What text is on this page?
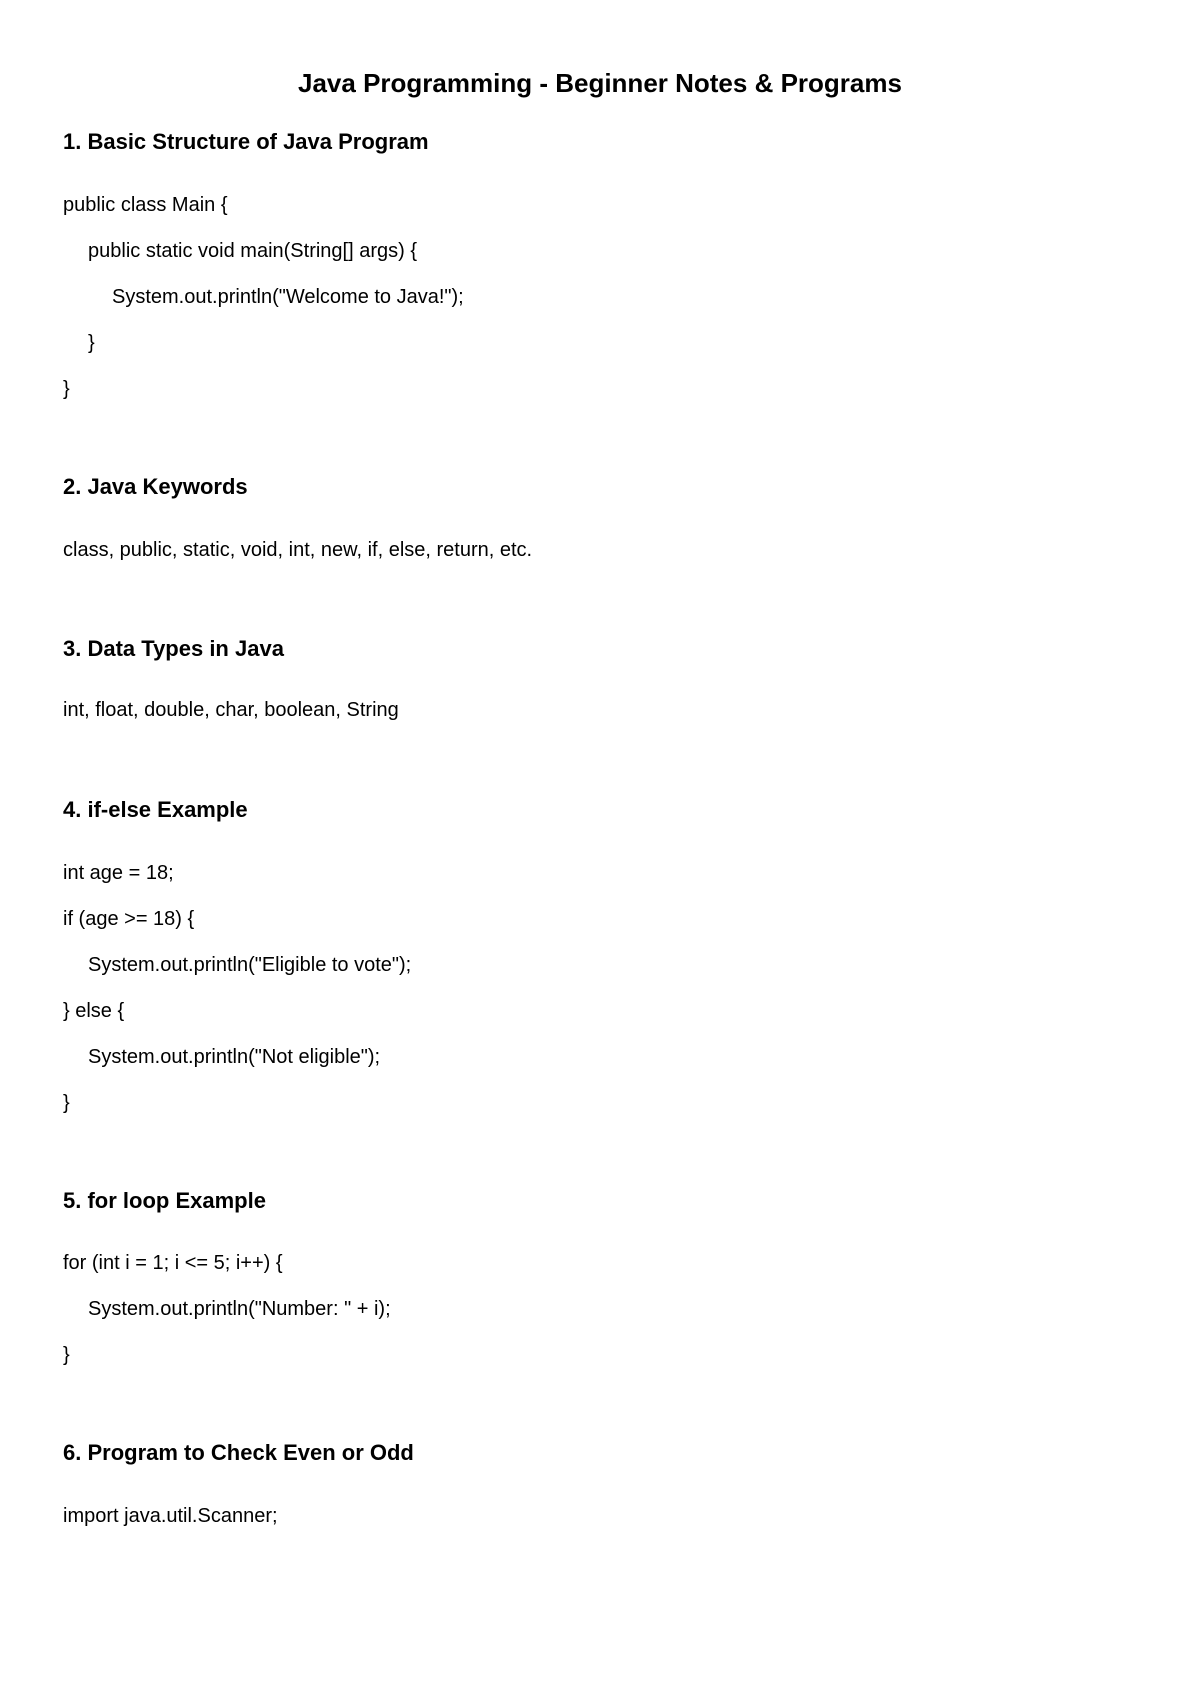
Java Programming - Beginner Notes & Programs
1. Basic Structure of Java Program
public class Main {
public static void main(String[] args) {
System.out.println("Welcome to Java!");
}
}
2. Java Keywords
class, public, static, void, int, new, if, else, return, etc.
3. Data Types in Java
int, float, double, char, boolean, String
4. if-else Example
int age = 18;
if (age >= 18) {
System.out.println("Eligible to vote");
} else {
System.out.println("Not eligible");
}
5. for loop Example
for (int i = 1; i <= 5; i++) {
System.out.println("Number: " + i);
}
6. Program to Check Even or Odd
import java.util.Scanner;
